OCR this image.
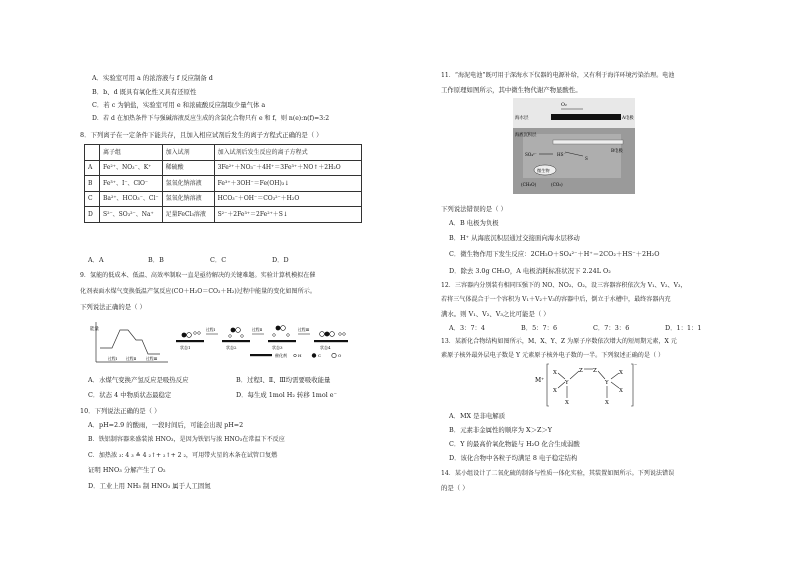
A．实验室可用 a 的浓溶液与 f 反应制备 d
B．b、d 既具有氧化性又具有还原性
C．若 c 为钠盐，实验室可用 e 和浓硫酸反应制取少量气体 a
D．若 d 在加热条件下与强碱溶液反应生成的含氯化合物只有 e 和 f，则 n(e):n(f)=3:2
8．下列离子在一定条件下能共存，且加入相应试剂后发生的离子方程式正确的是（ ）
	离子组	加入试剂	加入试剂后发生反应的离子方程式
A	Fe²⁺、NO₃⁻、K⁺	稀硫酸	3Fe²⁺＋NO₃⁻＋4H⁺＝3Fe³⁺＋NO↑＋2H₂O
B	Fe³⁺、I⁻、ClO⁻	氢氧化钠溶液	Fe³⁺＋3OH⁻＝Fe(OH)₃↓
C	Ba²⁺、HCO₃⁻、Cl⁻	氢氧化钠溶液	HCO₃⁻＋OH⁻＝CO₃²⁻＋H₂O
D	S²⁻、SO₃²⁻、Na⁺	足量FeCl₃溶液	S²⁻＋2Fe³⁺＝2Fe²⁺＋S↓
A．A	B．B	C．C	D．D
9．氢能的低成本、低温、高效率制取一直是亟待解决的关键难题。实验计算机模拟在催
化剂表面水煤气变换低温产氢反应(CO＋H₂O＝CO₂＋H₂)过程中能量的变化如图所示。
下列说法正确的是（ ）
能量
过程Ⅰ 过程Ⅱ	过程Ⅲ
状态1
过程Ⅰ
状态2
过程Ⅱ
状态3
过程Ⅲ
状态4
催化剂	H	C	O
A．水煤气变换产氢反应是吸热反应	B．过程Ⅰ、Ⅱ、Ⅲ均需要吸收能量
C．状态 4 中物质状态最稳定	D．每生成 1mol H₂ 转移 1mol e⁻
10．下列说法正确的是（ ）
A．pH=2.9 的酸雨，一段时间后，可能会出现 pH=2
B．铁铝制容器来盛装浓 HNO₃，是因为铁铝与浓 HNO₃在常温下不反应
C．加热浓 ₃: 4 ₃ ≙ 4 ₂↑+ ₂↑+ 2 ₂，可用带火星的木条在试管口复燃
证明 HNO₃ 分解产生了 O₂
D．工业上用 NH₃ 制 HNO₃ 属于人工固氮
11．“海泥电池”既可用于深海水下仪器的电源补给，又有利于海洋环境污染治理。电池
工作原理如图所示，其中微生物代谢产物显酸性。
O₂
海水层	A电极
海底沉积层
B电极
SO₄²⁻	HS⁻
S
微生物
(CH₂O)	(CO₂)
下列说法错误的是（ ）
A．B 电极为负极
B．H⁺ 从海底沉积层通过交接面向海水层移动
C．微生物作用下发生反应：2CH₂O＋SO₄²⁻＋H⁺＝2CO₂＋HS⁻＋2H₂O
D．除去 3.0g CH₂O，A 电极消耗标准状况下 2.24L O₂
12．三容器内分别装有相同压强下的 NO、NO₂、O₂，设三容器容积依次为 V₁、V₂、V₃，
若将三气体混合于一个容积为 V₁＋V₂＋V₃的容器中后，倒立于水槽中，最终容器内充
满水。则 V₁、V₂、V₃之比可能是（ ）
A．3：7：4	B．5：7：6	C．7：3：6	D．1：1：1
13．某新化合物结构如图所示，M、X、Y、Z 为原子序数依次增大的短周期元素，X 元
素原子核外最外层电子数是 Y 元素原子核外电子数的一半。下列叙述正确的是（ ）
M⁺
⁻
X
X
Y
Z Z
Y
X
X
X	X
A．MX 是非电解质
B．元素非金属性的顺序为 X＞Z＞Y
C．Y 的最高价氧化物能与 H₂O 化合生成弱酸
D．该化合物中各粒子均满足 8 电子稳定结构
14．某小组设计了二氧化硫的制备与性质一体化实验，其装置如图所示。下列说法错误
的是（ ）
